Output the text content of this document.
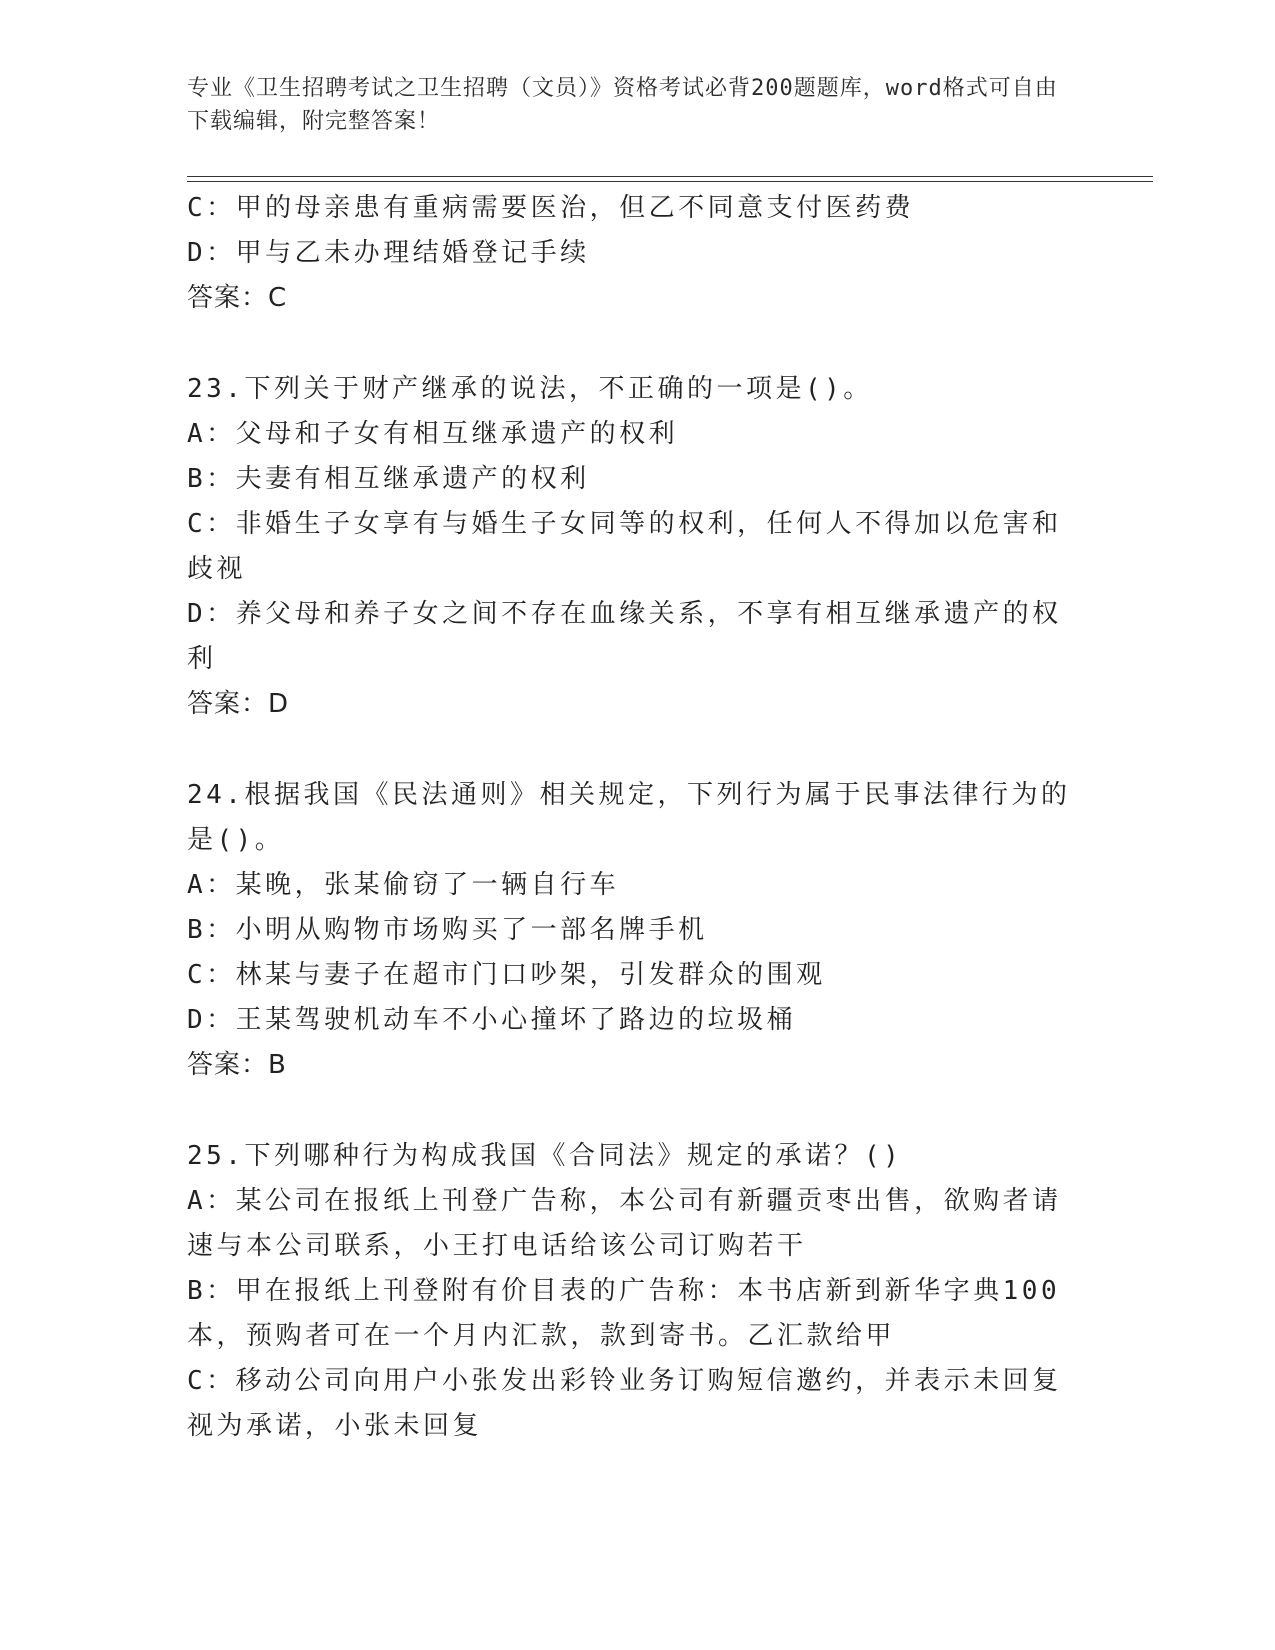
专业《卫生招聘考试之卫生招聘（文员）》资格考试必背200题题库，word格式可自由下载编辑，附完整答案！

C：甲的母亲患有重病需要医治，但乙不同意支付医药费

D：甲与乙未办理结婚登记手续

答案：C

23.下列关于财产继承的说法，不正确的一项是()。

A：父母和子女有相互继承遗产的权利

B：夫妻有相互继承遗产的权利

C：非婚生子女享有与婚生子女同等的权利，任何人不得加以危害和歧视

D：养父母和养子女之间不存在血缘关系，不享有相互继承遗产的权利

答案：D

24.根据我国《民法通则》相关规定，下列行为属于民事法律行为的是()。

A：某晚，张某偷窃了一辆自行车

B：小明从购物市场购买了一部名牌手机

C：林某与妻子在超市门口吵架，引发群众的围观

D：王某驾驶机动车不小心撞坏了路边的垃圾桶

答案：B

25.下列哪种行为构成我国《合同法》规定的承诺？()

A：某公司在报纸上刊登广告称，本公司有新疆贡枣出售，欲购者请速与本公司联系，小王打电话给该公司订购若干

B：甲在报纸上刊登附有价目表的广告称：本书店新到新华字典100本，预购者可在一个月内汇款，款到寄书。乙汇款给甲

C：移动公司向用户小张发出彩铃业务订购短信邀约，并表示未回复视为承诺，小张未回复
